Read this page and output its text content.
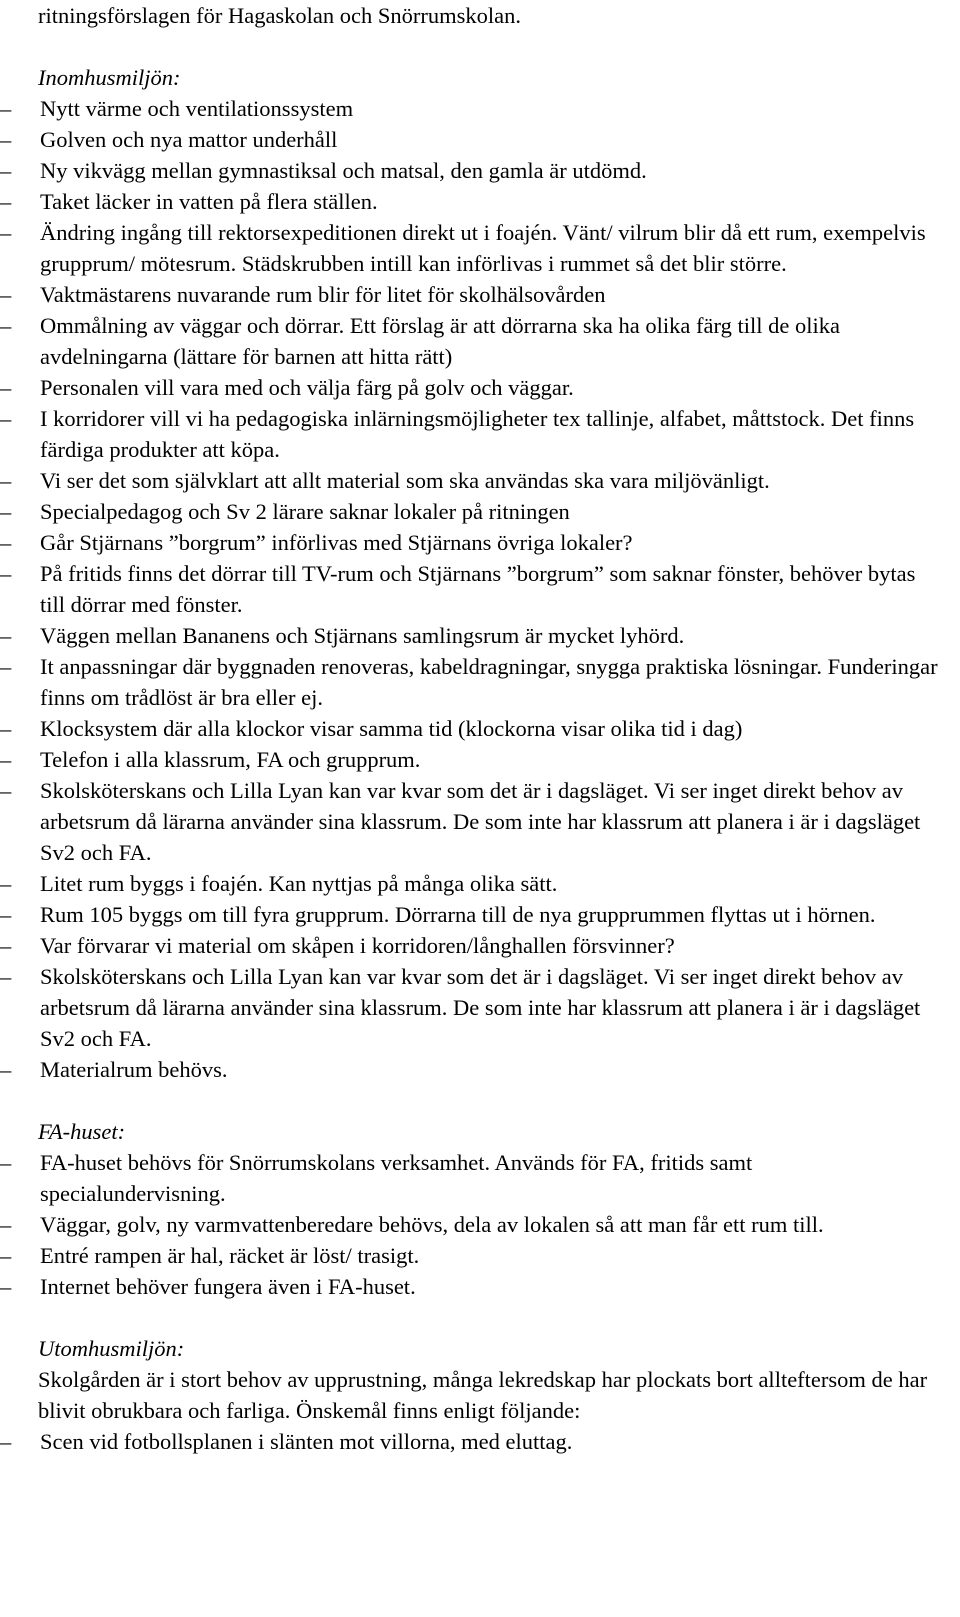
ritningsförslagen för Hagaskolan och Snörrumskolan.

Inomhusmiljön:

–	Nytt värme och ventilationssystem
–	Golven och nya mattor underhåll
–	Ny vikvägg mellan gymnastiksal och matsal, den gamla är utdömd.
–	Taket läcker in vatten på flera ställen.
–	Ändring ingång till rektorsexpeditionen direkt ut i foajén. Vänt/ vilrum blir då ett rum, exempelvis grupprum/ mötesrum. Städskrubben intill kan införlivas i rummet så det blir större.
–	Vaktmästarens nuvarande rum blir för litet för skolhälsovården
–	Ommålning av väggar och dörrar. Ett förslag är att dörrarna ska ha olika färg till de olika avdelningarna (lättare för barnen att hitta rätt)
–	Personalen vill vara med och välja färg på golv och väggar.
–	I korridorer vill vi ha pedagogiska inlärningsmöjligheter tex tallinje, alfabet, måttstock. Det finns färdiga produkter att köpa.
–	Vi ser det som självklart att allt material som ska användas ska vara miljövänligt.
–	Specialpedagog och Sv 2 lärare saknar lokaler på ritningen
–	Går Stjärnans ”borgrum” införlivas med Stjärnans övriga lokaler?
–	På fritids finns det dörrar till TV-rum och Stjärnans ”borgrum” som saknar fönster, behöver bytas till dörrar med fönster.
–	Väggen mellan Bananens och Stjärnans samlingsrum är mycket lyhörd.
–	It anpassningar där byggnaden renoveras, kabeldragningar, snygga praktiska lösningar. Funderingar finns om trådlöst är bra eller ej.
–	Klocksystem där alla klockor visar samma tid (klockorna visar olika tid i dag)
–	Telefon i alla klassrum, FA och grupprum.
–	Skolsköterskans och Lilla Lyan kan var kvar som det är i dagsläget. Vi ser inget direkt behov av arbetsrum då lärarna använder sina klassrum. De som inte har klassrum att planera i är i dagsläget Sv2 och FA.
–	Litet rum byggs i foajén. Kan nyttjas på många olika sätt.
–	Rum 105 byggs om till fyra grupprum. Dörrarna till de nya grupprummen flyttas ut i hörnen.
–	Var förvarar vi material om skåpen i korridoren/långhallen försvinner?
–	Skolsköterskans och Lilla Lyan kan var kvar som det är i dagsläget. Vi ser inget direkt behov av arbetsrum då lärarna använder sina klassrum. De som inte har klassrum att planera i är i dagsläget Sv2 och FA.
–	Materialrum behövs.

FA-huset:

–	FA-huset behövs för Snörrumskolans verksamhet. Används för FA, fritids samt specialundervisning.
–	Väggar, golv, ny varmvattenberedare behövs, dela av lokalen så att man får ett rum till.
–	Entré rampen är hal, räcket är löst/ trasigt.
–	Internet behöver fungera även i FA-huset.

Utomhusmiljön:

Skolgården är i stort behov av upprustning, många lekredskap har plockats bort allteftersom de har blivit obrukbara och farliga. Önskemål finns enligt följande:

–	Scen vid fotbollsplanen i slänten mot villorna, med eluttag.
